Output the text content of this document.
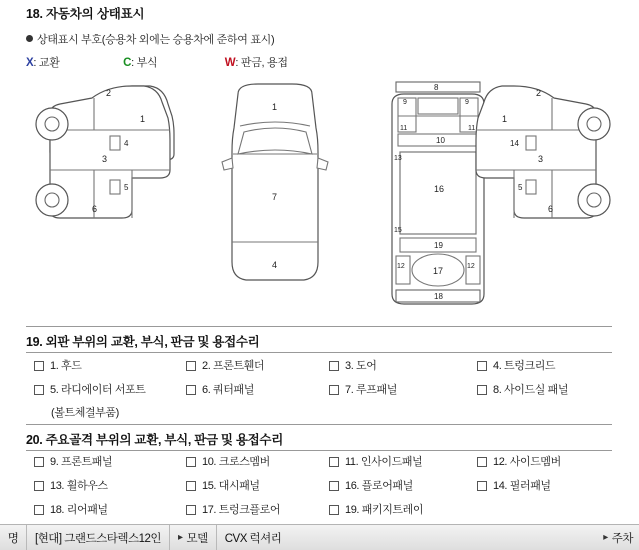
18. 자동차의 상태표시
상태표시 부호(승용차 외에는 승용차에 준하여 표시)
X: 교환	C: 부식	W: 판금, 용접
2
1
3
6
4
5
1
7
4
8
9	9
10
11	11
16
13
15
19
17
12	12
18
2
1
3
6
14
5
19. 외판 부위의 교환, 부식, 판금 및 용접수리
1. 후드	2. 프론트휀더	3. 도어	4. 트렁크리드
5. 라디에이터 서포트	6. 쿼터패널	7. 루프패널	8. 사이드실 패널
(볼트체결부품)
20. 주요골격 부위의 교환, 부식, 판금 및 용접수리
9. 프론트패널	10. 크로스멤버	11. 인사이드패널	12. 사이드멤버
13. 휠하우스	15. 대시패널	16. 플로어패널	14. 필러패널
18. 리어패널	17. 트렁크플로어	19. 패키지트레이
명	[현대] 그랜드스타렉스12인	▸ 모델	CVX 럭셔리	▸ 주차
